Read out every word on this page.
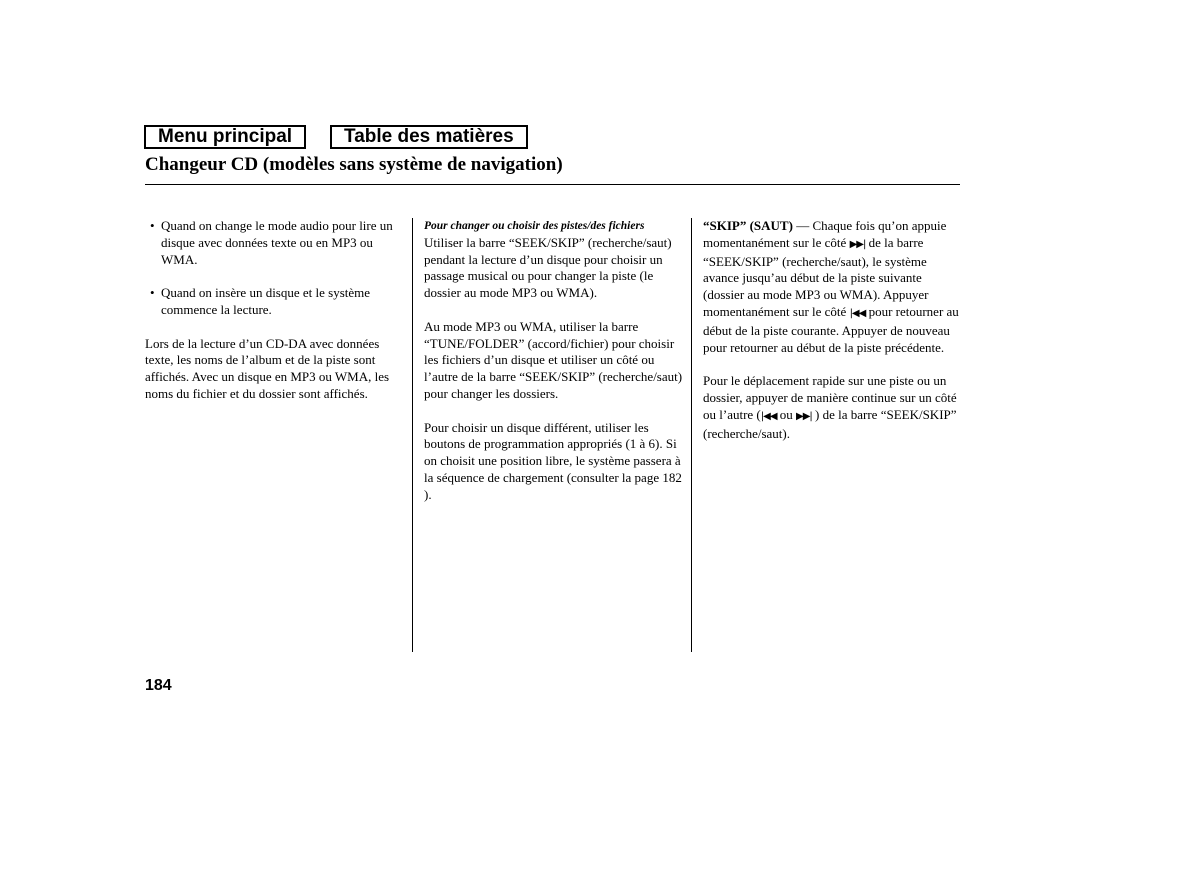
Menu principal	Table des matières
Changeur CD (modèles sans système de navigation)
• Quand on change le mode audio pour lire un disque avec données texte ou en MP3 ou WMA.
• Quand on insère un disque et le système commence la lecture.

Lors de la lecture d’un CD-DA avec données texte, les noms de l’album et de la piste sont affichés. Avec un disque en MP3 ou WMA, les noms du fichier et du dossier sont affichés.

Pour changer ou choisir des pistes/des fichiers

Utiliser la barre “SEEK/SKIP” (recherche/saut) pendant la lecture d’un disque pour choisir un passage musical ou pour changer la piste (le dossier au mode MP3 ou WMA).

Au mode MP3 ou WMA, utiliser la barre “TUNE/FOLDER” (accord/fichier) pour choisir les fichiers d’un disque et utiliser un côté ou l’autre de la barre “SEEK/SKIP” (recherche/saut) pour changer les dossiers.

Pour choisir un disque différent, utiliser les boutons de programmation appropriés (1 à 6). Si on choisit une position libre, le système passera à la séquence de chargement (consulter la page 182 ).

“SKIP” (SAUT) — Chaque fois qu’on appuie momentanément sur le côté ▶▶| de la barre “SEEK/SKIP” (recherche/saut), le système avance jusqu’au début de la piste suivante (dossier au mode MP3 ou WMA). Appuyer momentanément sur le côté |◀◀ pour retourner au début de la piste courante. Appuyer de nouveau pour retourner au début de la piste précédente.

Pour le déplacement rapide sur une piste ou un dossier, appuyer de manière continue sur un côté ou l’autre (|◀◀ ou ▶▶| ) de la barre “SEEK/SKIP” (recherche/saut).

184
